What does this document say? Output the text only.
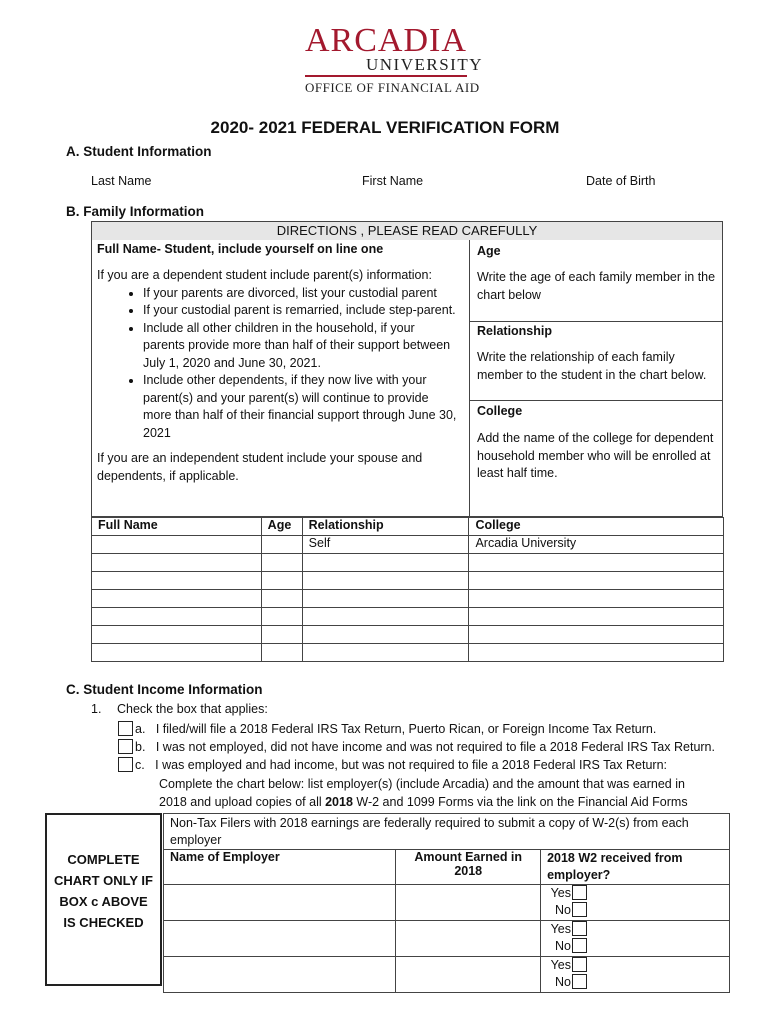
ARCADIA
UNIVERSITY
OFFICE OF FINANCIAL AID
2020- 2021 FEDERAL VERIFICATION FORM
A. Student Information
Last Name	First Name	Date of Birth
B. Family Information
DIRECTIONS , PLEASE READ CAREFULLY
Full Name- Student, include yourself on line one
If you are a dependent student include parent(s) information:
• If your parents are divorced, list your custodial parent
• If your custodial parent is remarried, include step-parent.
• Include all other children in the household, if your parents provide more than half of their support between July 1, 2020 and June 30, 2021.
• Include other dependents, if they now live with your parent(s) and your parent(s) will continue to provide more than half of their financial support through June 30, 2021
If you are an independent student include your spouse and dependents, if applicable.
Age
Write the age of each family member in the chart below
Relationship
Write the relationship of each family member to the student in the chart below.
College
Add the name of the college for dependent household member who will be enrolled at least half time.
Full Name	Age	Relationship	College
		Self	Arcadia University

C. Student Income Information
1. Check the box that applies:
a. I filed/will file a 2018 Federal IRS Tax Return, Puerto Rican, or Foreign Income Tax Return.
b. I was not employed, did not have income and was not required to file a 2018 Federal IRS Tax Return.
c. I was employed and had income, but was not required to file a 2018 Federal IRS Tax Return:
Complete the chart below: list employer(s) (include Arcadia) and the amount that was earned in
2018 and upload copies of all 2018 W-2 and 1099 Forms via the link on the Financial Aid Forms
COMPLETE
CHART ONLY IF
BOX c ABOVE
IS CHECKED
Non-Tax Filers with 2018 earnings are federally required to submit a copy of W-2(s) from each employer		
Name of Employer	Amount Earned in 2018	2018 W2 received from employer?

		Yes
No

		Yes
No

		Yes
No
